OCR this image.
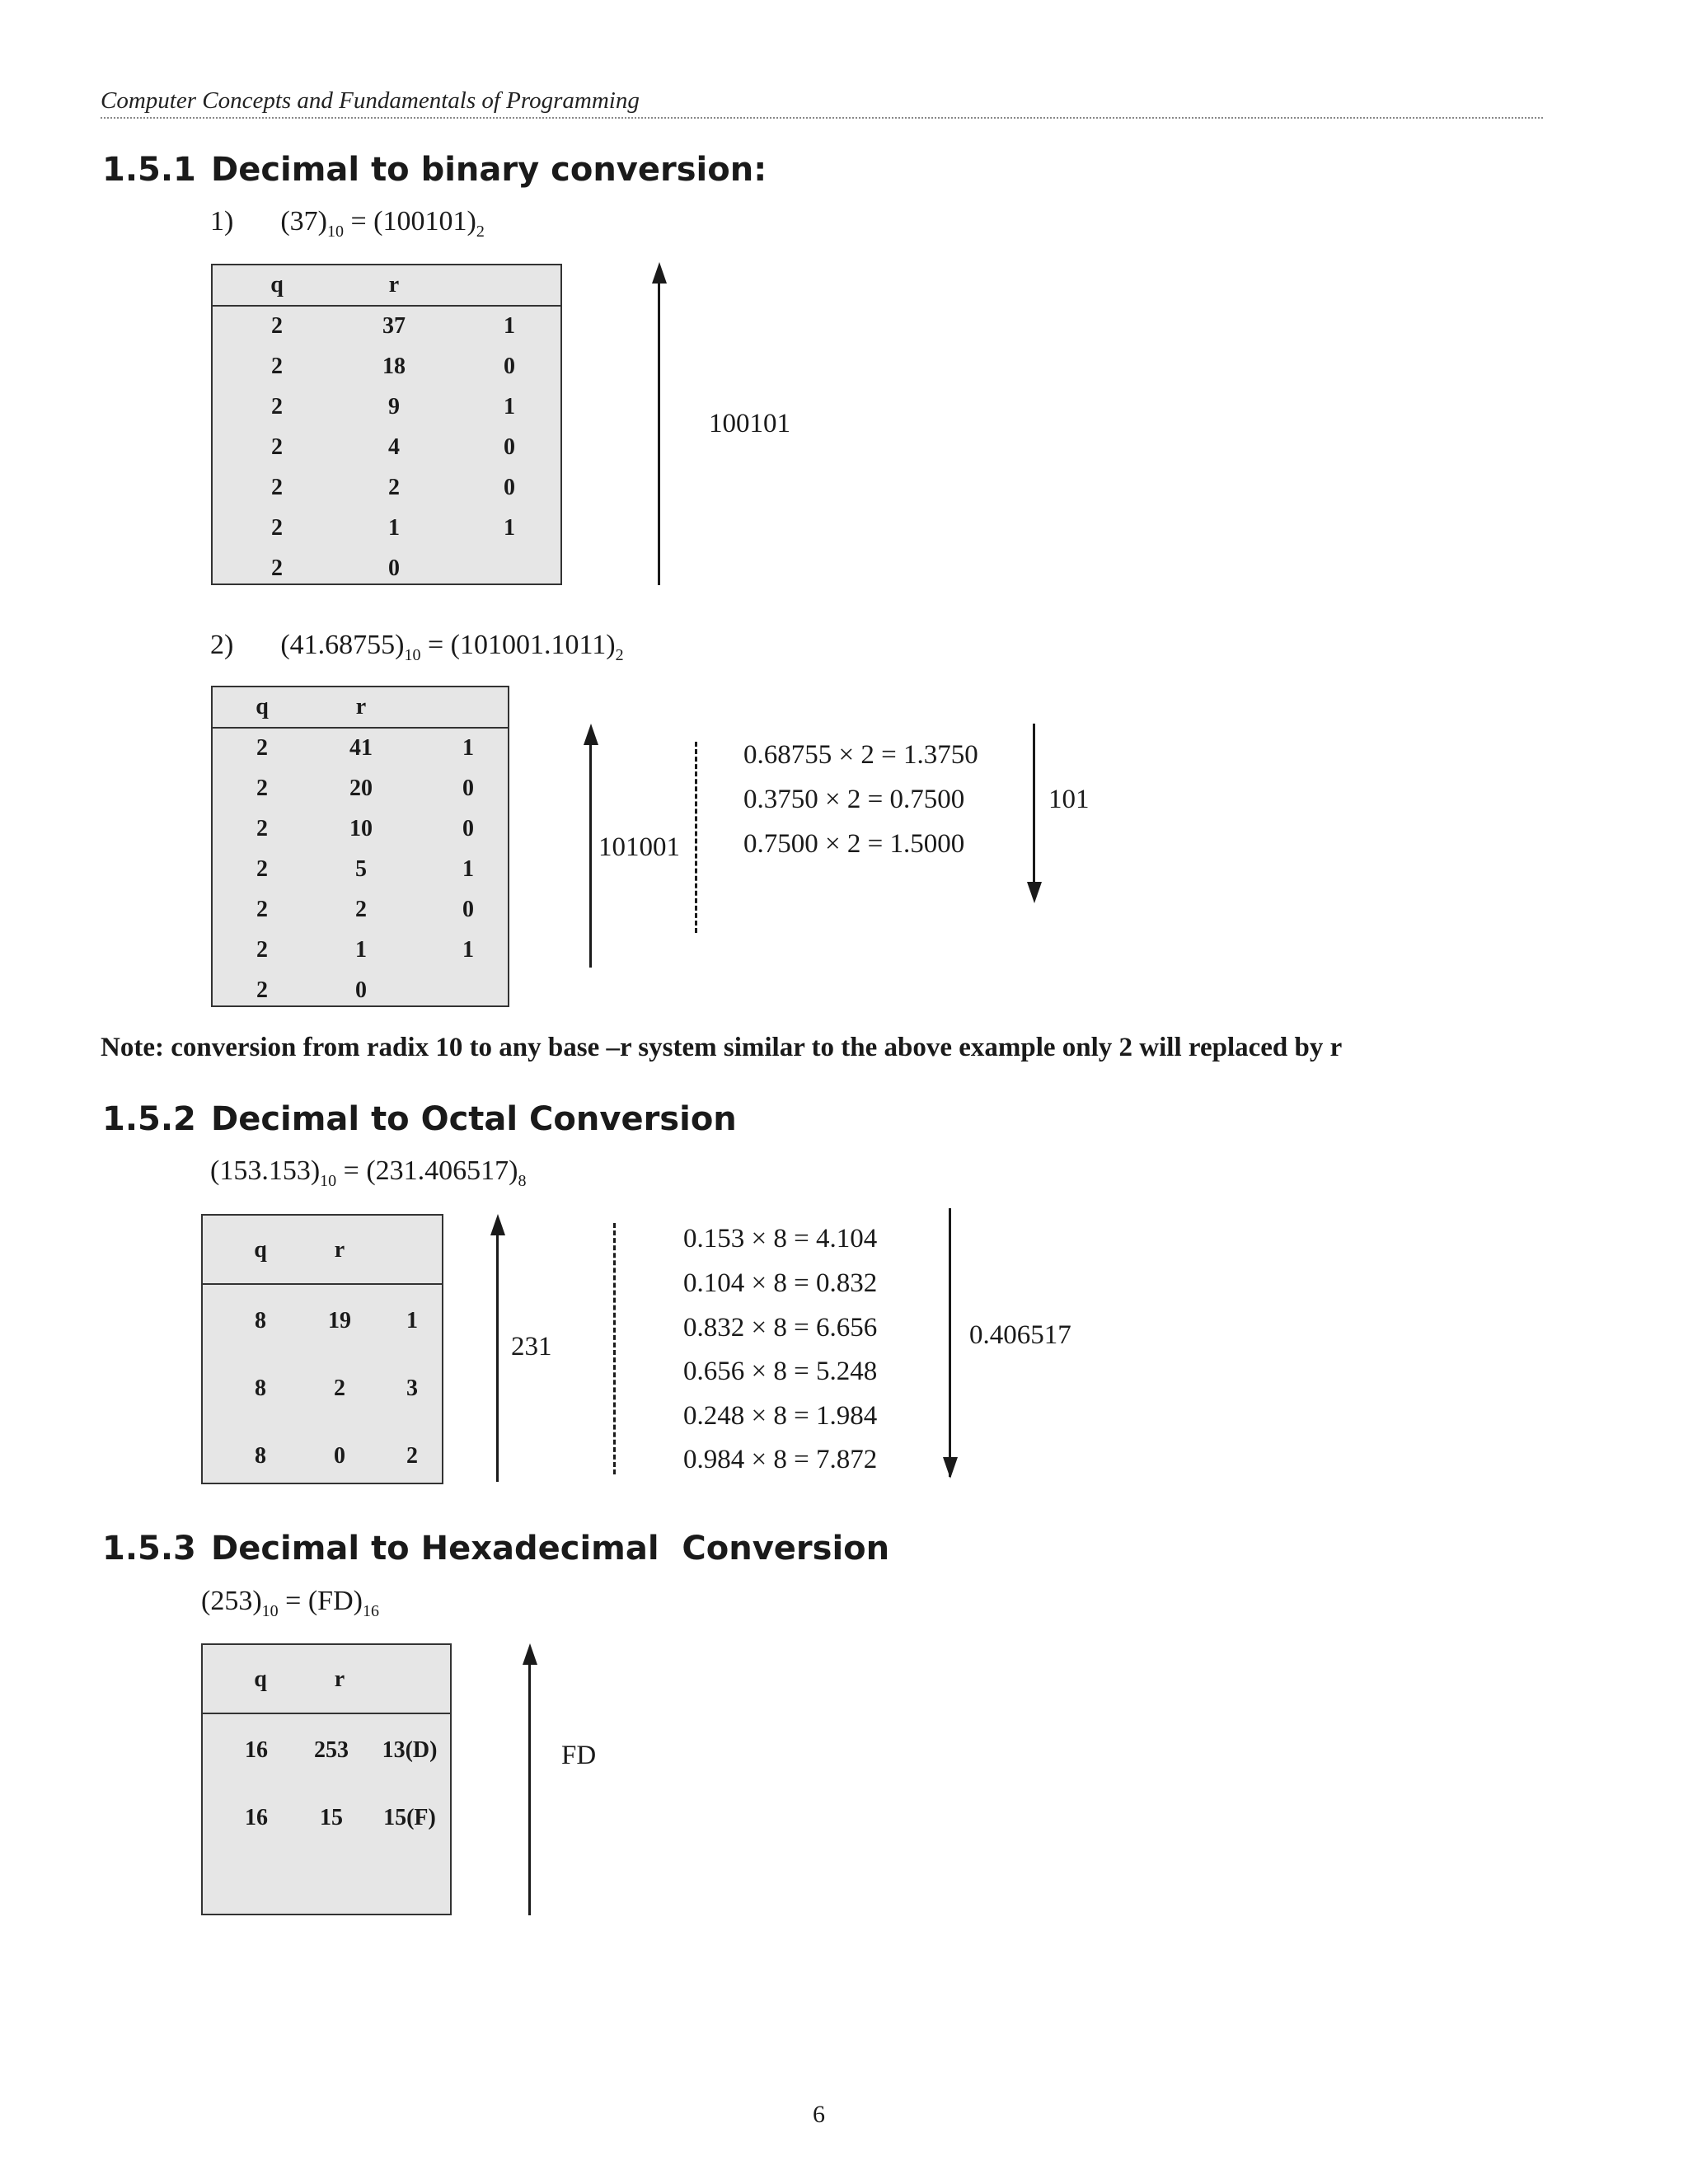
Computer Concepts and Fundamentals of Programming
1.5.1 Decimal to binary conversion:
1) $(37)_{10} = (100101)_2$
q	r
2	37	1
2	18	0
2	9	1
2	4	0
2	2	0
2	1	1
2	0
100101
2) $(41.68755)_{10} = (101001.1011)_2$
q	r
2	41	1
2	20	0
2	10	0
2	5	1
2	2	0
2	1	1
2	0
101001
0.68755 × 2 = 1.3750
0.3750 × 2 = 0.7500
0.7500 × 2 = 1.5000
101
Note: conversion from radix 10 to any base –r system similar to the above example only 2 will replaced by r
1.5.2 Decimal to Octal Conversion
$(153.153)_{10} = (231.406517)_8$
q	r
8	19	1
8	2	3
8	0	2
231
0.153 × 8 = 4.104
0.104 × 8 = 0.832
0.832 × 8 = 6.656
0.656 × 8 = 5.248
0.248 × 8 = 1.984
0.984 × 8 = 7.872
0.406517
1.5.3 Decimal to Hexadecimal  Conversion
$(253)_{10} = (FD)_{16}$
q	r
16	253	13(D)
16	15	15(F)
FD
6
